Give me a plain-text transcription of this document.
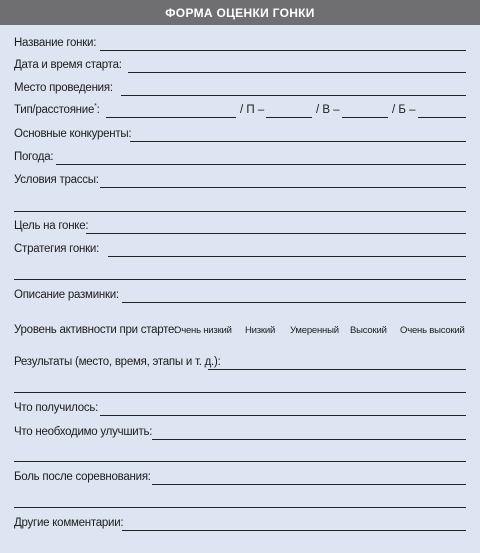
ФОРМА ОЦЕНКИ ГОНКИ
Название гонки:
Дата и время старта:
Место проведения:
Тип/расстояние*:	/ П –	/ В –	/ Б –
Основные конкуренты:
Погода:
Условия трассы:
Цель на гонке:
Стратегия гонки:
Описание разминки:
Уровень активности при старте:
Очень низкий Низкий Умеренный Высокий Очень высокий
Результаты (место, время, этапы и т. д.):
Что получилось:
Что необходимо улучшить:
Боль после соревнования:
Другие комментарии:
